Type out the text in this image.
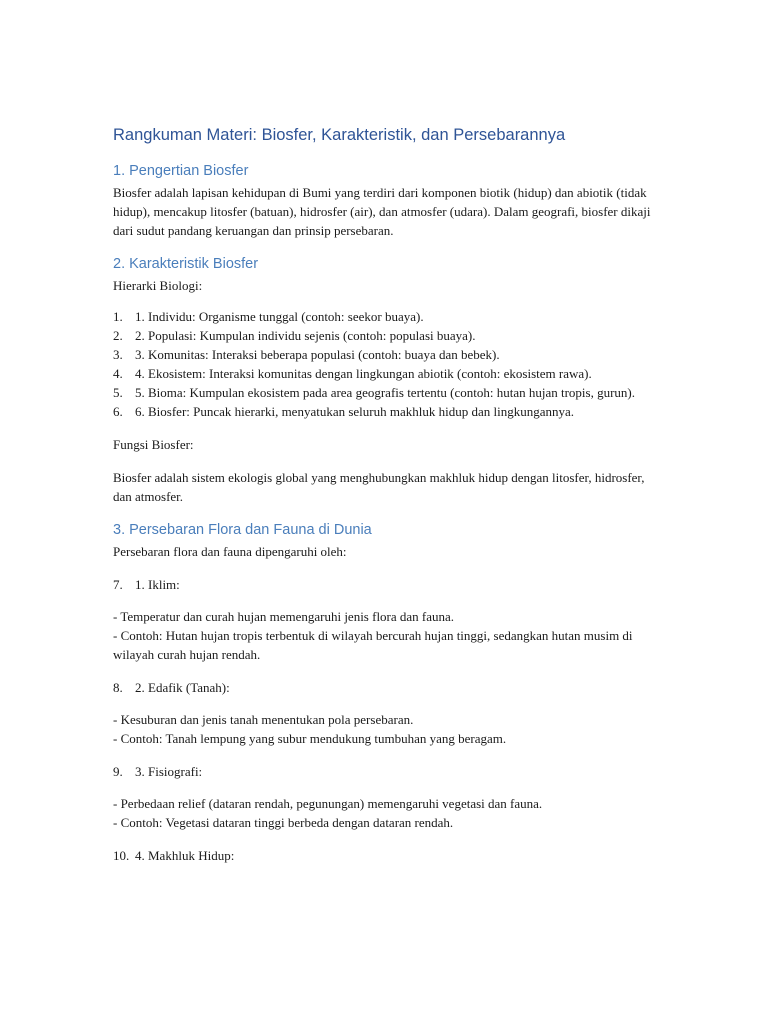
Rangkuman Materi: Biosfer, Karakteristik, dan Persebarannya
1. Pengertian Biosfer

Biosfer adalah lapisan kehidupan di Bumi yang terdiri dari komponen biotik (hidup) dan abiotik (tidak hidup), mencakup litosfer (batuan), hidrosfer (air), dan atmosfer (udara). Dalam geografi, biosfer dikaji dari sudut pandang keruangan dan prinsip persebaran.

2. Karakteristik Biosfer

Hierarki Biologi:

1. 1. Individu: Organisme tunggal (contoh: seekor buaya).
2. 2. Populasi: Kumpulan individu sejenis (contoh: populasi buaya).
3. 3. Komunitas: Interaksi beberapa populasi (contoh: buaya dan bebek).
4. 4. Ekosistem: Interaksi komunitas dengan lingkungan abiotik (contoh: ekosistem rawa).
5. 5. Bioma: Kumpulan ekosistem pada area geografis tertentu (contoh: hutan hujan tropis, gurun).
6. 6. Biosfer: Puncak hierarki, menyatukan seluruh makhluk hidup dan lingkungannya.

Fungsi Biosfer:

Biosfer adalah sistem ekologis global yang menghubungkan makhluk hidup dengan litosfer, hidrosfer, dan atmosfer.

3. Persebaran Flora dan Fauna di Dunia

Persebaran flora dan fauna dipengaruhi oleh:

7. 1. Iklim:

- Temperatur dan curah hujan memengaruhi jenis flora dan fauna.

- Contoh: Hutan hujan tropis terbentuk di wilayah bercurah hujan tinggi, sedangkan hutan musim di wilayah curah hujan rendah.

8. 2. Edafik (Tanah):

- Kesuburan dan jenis tanah menentukan pola persebaran.

- Contoh: Tanah lempung yang subur mendukung tumbuhan yang beragam.

9. 3. Fisiografi:

- Perbedaan relief (dataran rendah, pegunungan) memengaruhi vegetasi dan fauna.

- Contoh: Vegetasi dataran tinggi berbeda dengan dataran rendah.

10. 4. Makhluk Hidup:
